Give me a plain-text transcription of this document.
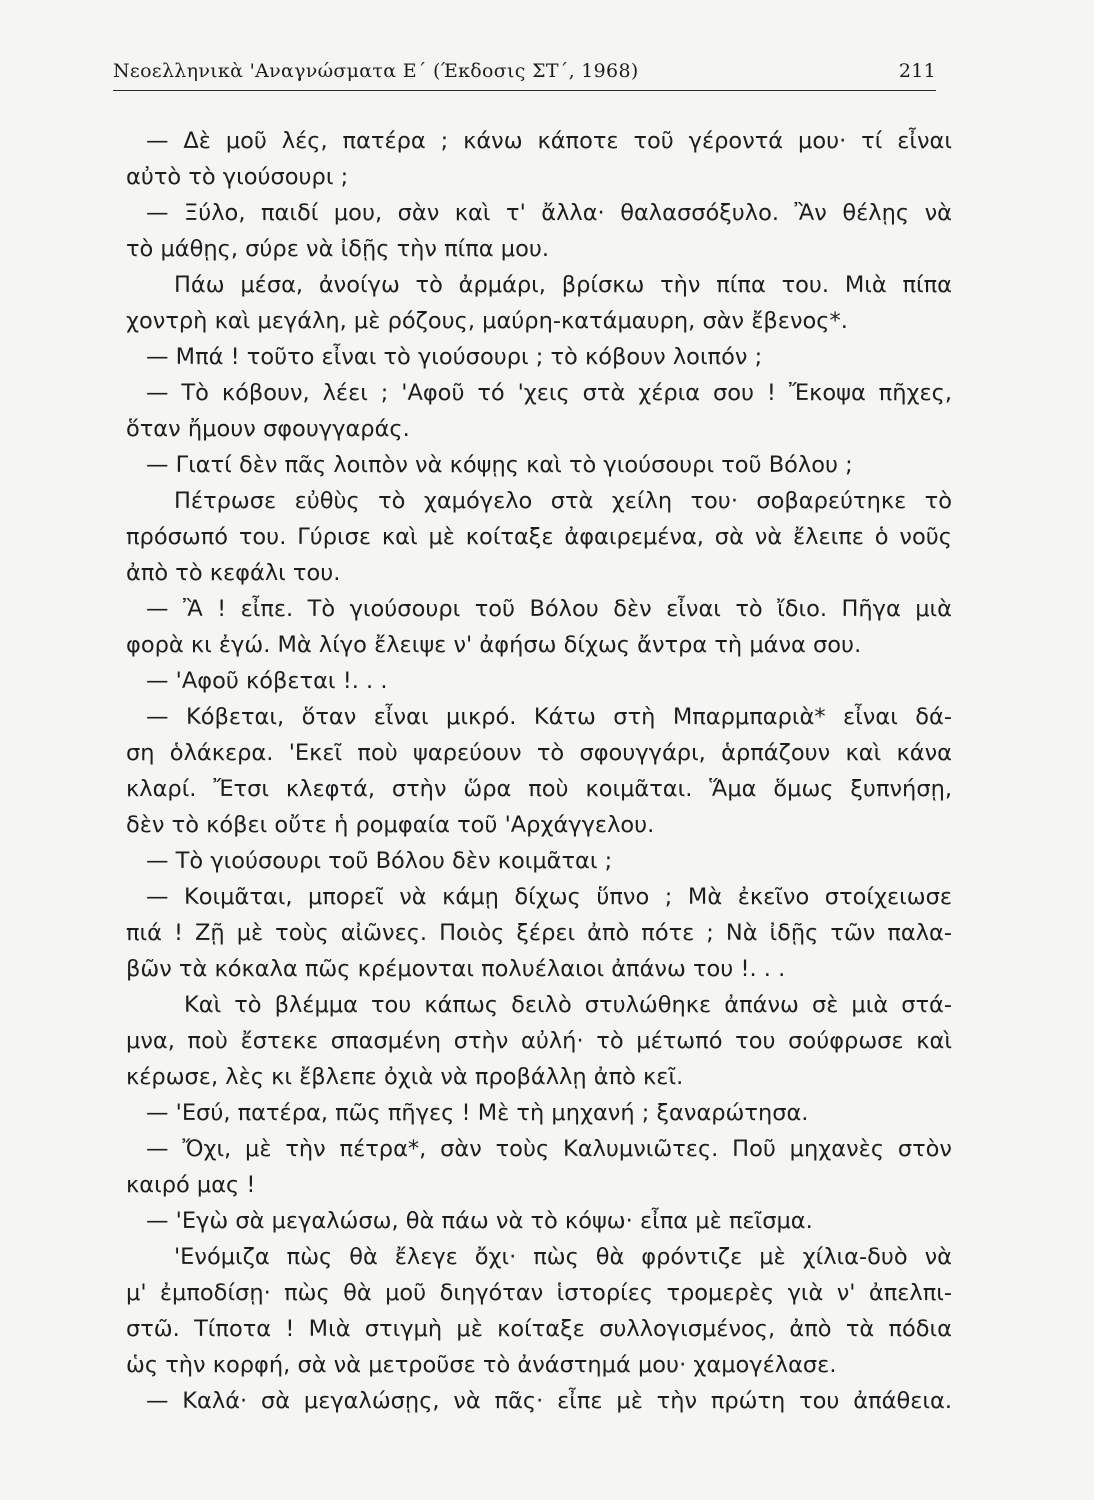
Νεοελληνικὰ 'Αναγνώσματα Ε΄ (Έκδοσις ΣΤ΄, 1968)	211
— Δὲ μοῦ λές, πατέρα ; κάνω κάποτε τοῦ γέροντά μου· τί εἶναι
αὐτὸ τὸ γιούσουρι ;
— Ξύλο, παιδί μου, σὰν καὶ τ' ἄλλα· θαλασσόξυλο. Ἂν θέλῃς νὰ
τὸ μάθῃς, σύρε νὰ ἰδῇς τὴν πίπα μου.
Πάω μέσα, ἀνοίγω τὸ ἀρμάρι, βρίσκω τὴν πίπα του. Μιὰ πίπα
χοντρὴ καὶ μεγάλη, μὲ ρόζους, μαύρη-κατάμαυρη, σὰν ἔβενος*.
— Μπά ! τοῦτο εἶναι τὸ γιούσουρι ; τὸ κόβουν λοιπόν ;
— Τὸ κόβουν, λέει ; 'Αφοῦ τό 'χεις στὰ χέρια σου ! Ἔκοψα πῆχες,
ὅταν ἤμουν σφουγγαράς.
— Γιατί δὲν πᾶς λοιπὸν νὰ κόψῃς καὶ τὸ γιούσουρι τοῦ Βόλου ;
Πέτρωσε εὐθὺς τὸ χαμόγελο στὰ χείλη του· σοβαρεύτηκε τὸ
πρόσωπό του. Γύρισε καὶ μὲ κοίταξε ἀφαιρεμένα, σὰ νὰ ἔλειπε ὁ νοῦς
ἀπὸ τὸ κεφάλι του.
— Ἂ ! εἶπε. Τὸ γιούσουρι τοῦ Βόλου δὲν εἶναι τὸ ἴδιο. Πῆγα μιὰ
φορὰ κι ἐγώ. Μὰ λίγο ἔλειψε ν' ἀφήσω δίχως ἄντρα τὴ μάνα σου.
— 'Αφοῦ κόβεται !. . .
— Κόβεται, ὅταν εἶναι μικρό. Κάτω στὴ Μπαρμπαριὰ* εἶναι δά-
ση ὁλάκερα. 'Εκεῖ ποὺ ψαρεύουν τὸ σφουγγάρι, ἁρπάζουν καὶ κάνα
κλαρί. Ἔτσι κλεφτά, στὴν ὥρα ποὺ κοιμᾶται. Ἅμα ὅμως ξυπνήσῃ,
δὲν τὸ κόβει οὔτε ἡ ρομφαία τοῦ 'Αρχάγγελου.
— Τὸ γιούσουρι τοῦ Βόλου δὲν κοιμᾶται ;
— Κοιμᾶται, μπορεῖ νὰ κάμῃ δίχως ὕπνο ; Μὰ ἐκεῖνο στοίχειωσε
πιά ! Ζῇ μὲ τοὺς αἰῶνες. Ποιὸς ξέρει ἀπὸ πότε ; Νὰ ἰδῇς τῶν παλα-
βῶν τὰ κόκαλα πῶς κρέμονται πολυέλαιοι ἀπάνω του !. . .
Καὶ τὸ βλέμμα του κάπως δειλὸ στυλώθηκε ἀπάνω σὲ μιὰ στά-
μνα, ποὺ ἔστεκε σπασμένη στὴν αὐλή· τὸ μέτωπό του σούφρωσε καὶ
κέρωσε, λὲς κι ἔβλεπε ὀχιὰ νὰ προβάλλῃ ἀπὸ κεῖ.
— 'Εσύ, πατέρα, πῶς πῆγες ! Μὲ τὴ μηχανή ; ξαναρώτησα.
— Ὄχι, μὲ τὴν πέτρα*, σὰν τοὺς Καλυμνιῶτες. Ποῦ μηχανὲς στὸν
καιρό μας !
— 'Εγὼ σὰ μεγαλώσω, θὰ πάω νὰ τὸ κόψω· εἶπα μὲ πεῖσμα.
'Ενόμιζα πὼς θὰ ἔλεγε ὄχι· πὼς θὰ φρόντιζε μὲ χίλια-δυὸ νὰ
μ' ἐμποδίσῃ· πὼς θὰ μοῦ διηγόταν ἱστορίες τρομερὲς γιὰ ν' ἀπελπι-
στῶ. Τίποτα ! Μιὰ στιγμὴ μὲ κοίταξε συλλογισμένος, ἀπὸ τὰ πόδια
ὡς τὴν κορφή, σὰ νὰ μετροῦσε τὸ ἀνάστημά μου· χαμογέλασε.
— Καλά· σὰ μεγαλώσῃς, νὰ πᾶς· εἶπε μὲ τὴν πρώτη του ἀπάθεια.
